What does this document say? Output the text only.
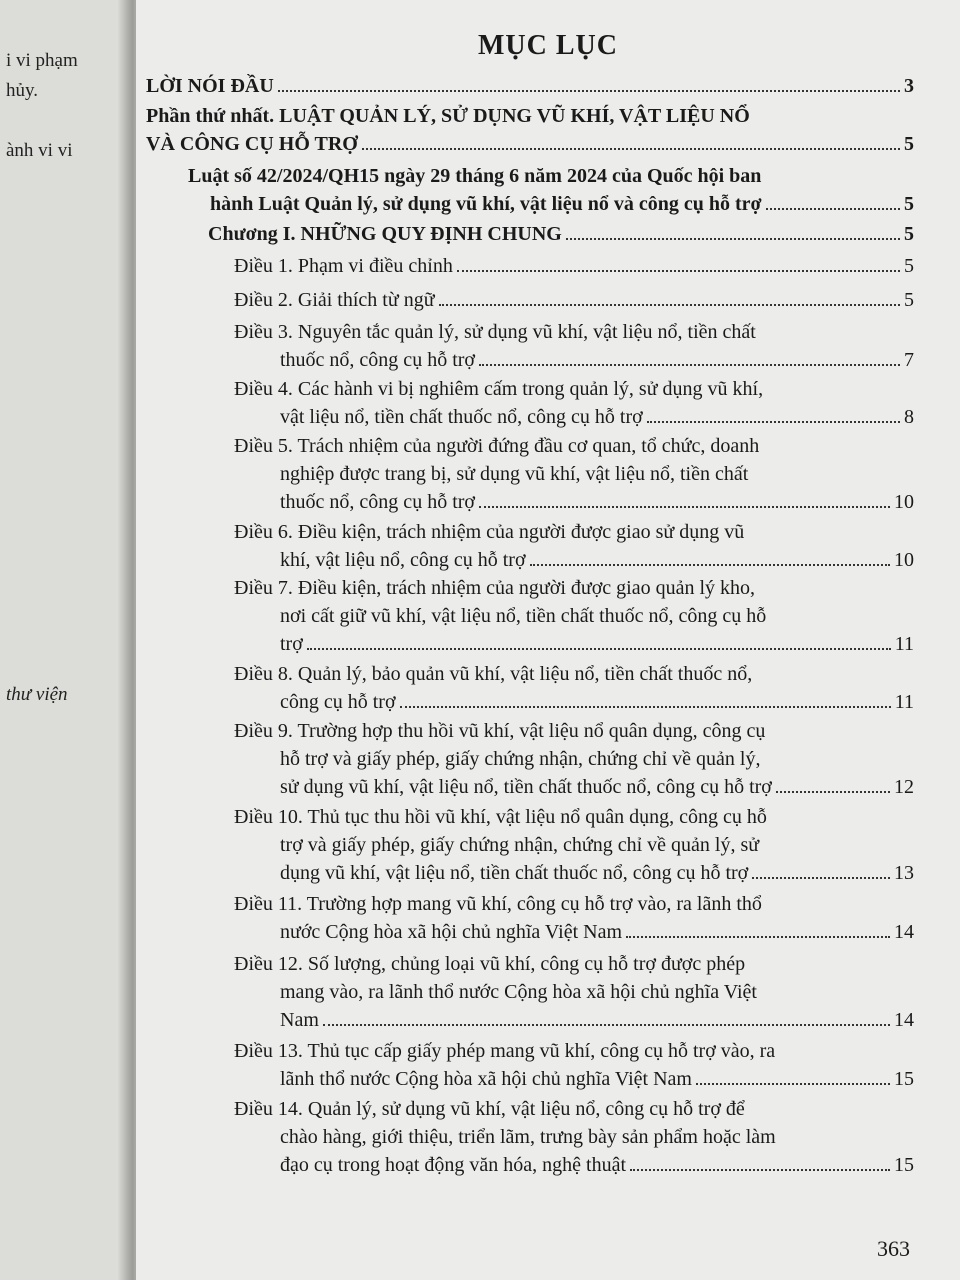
i vi phạm
hủy.
ành vi vi
thư viện
MỤC LỤC
LỜI NÓI ĐẦU	3
Phần thứ nhất. LUẬT QUẢN LÝ, SỬ DỤNG VŨ KHÍ, VẬT LIỆU NỔ
VÀ CÔNG CỤ HỖ TRỢ	5
Luật số 42/2024/QH15 ngày 29 tháng 6 năm 2024 của Quốc hội ban
hành Luật Quản lý, sử dụng vũ khí, vật liệu nổ và công cụ hỗ trợ	5
Chương I. NHỮNG QUY ĐỊNH CHUNG	5
Điều 1. Phạm vi điều chỉnh	5
Điều 2. Giải thích từ ngữ	5
Điều 3. Nguyên tắc quản lý, sử dụng vũ khí, vật liệu nổ, tiền chất
thuốc nổ, công cụ hỗ trợ	7
Điều 4. Các hành vi bị nghiêm cấm trong quản lý, sử dụng vũ khí,
vật liệu nổ, tiền chất thuốc nổ, công cụ hỗ trợ	8
Điều 5. Trách nhiệm của người đứng đầu cơ quan, tổ chức, doanh
nghiệp được trang bị, sử dụng vũ khí, vật liệu nổ, tiền chất
thuốc nổ, công cụ hỗ trợ	10
Điều 6. Điều kiện, trách nhiệm của người được giao sử dụng vũ
khí, vật liệu nổ, công cụ hỗ trợ	10
Điều 7. Điều kiện, trách nhiệm của người được giao quản lý kho,
nơi cất giữ vũ khí, vật liệu nổ, tiền chất thuốc nổ, công cụ hỗ
trợ	11
Điều 8. Quản lý, bảo quản vũ khí, vật liệu nổ, tiền chất thuốc nổ,
công cụ hỗ trợ	11
Điều 9. Trường hợp thu hồi vũ khí, vật liệu nổ quân dụng, công cụ
hỗ trợ và giấy phép, giấy chứng nhận, chứng chỉ về quản lý,
sử dụng vũ khí, vật liệu nổ, tiền chất thuốc nổ, công cụ hỗ trợ	12
Điều 10. Thủ tục thu hồi vũ khí, vật liệu nổ quân dụng, công cụ hỗ
trợ và giấy phép, giấy chứng nhận, chứng chỉ về quản lý, sử
dụng vũ khí, vật liệu nổ, tiền chất thuốc nổ, công cụ hỗ trợ	13
Điều 11. Trường hợp mang vũ khí, công cụ hỗ trợ vào, ra lãnh thổ
nước Cộng hòa xã hội chủ nghĩa Việt Nam	14
Điều 12. Số lượng, chủng loại vũ khí, công cụ hỗ trợ được phép
mang vào, ra lãnh thổ nước Cộng hòa xã hội chủ nghĩa Việt
Nam	14
Điều 13. Thủ tục cấp giấy phép mang vũ khí, công cụ hỗ trợ vào, ra
lãnh thổ nước Cộng hòa xã hội chủ nghĩa Việt Nam	15
Điều 14. Quản lý, sử dụng vũ khí, vật liệu nổ, công cụ hỗ trợ để
chào hàng, giới thiệu, triển lãm, trưng bày sản phẩm hoặc làm
đạo cụ trong hoạt động văn hóa, nghệ thuật	15
363
